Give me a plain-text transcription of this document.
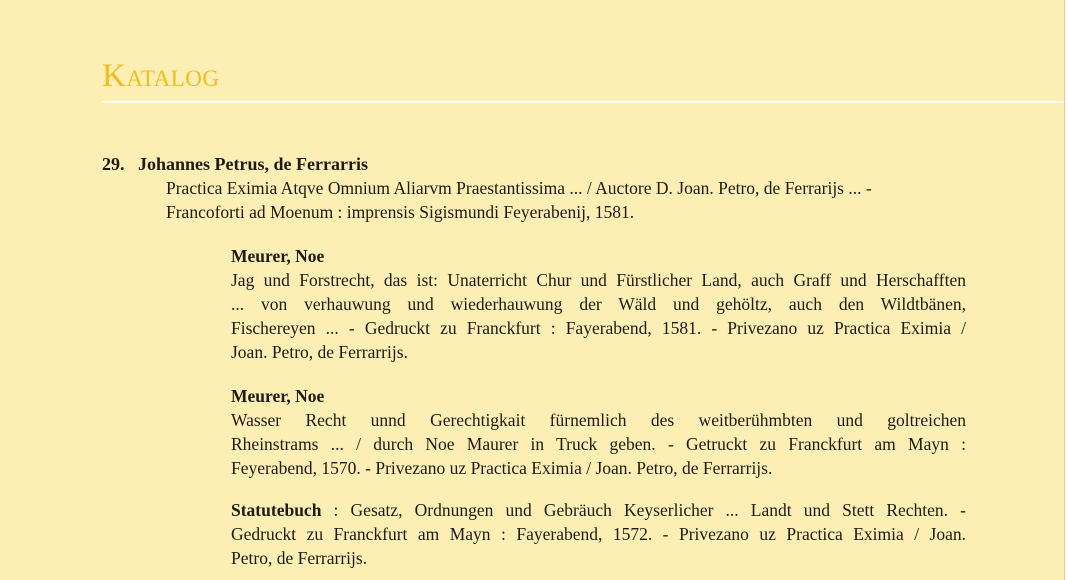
Katalog
29. Johannes Petrus, de Ferrarris
Practica Eximia Atqve Omnium Aliarvm Praestantissima ... / Auctore D. Joan. Petro, de Ferrarijs ... -
Francoforti ad Moenum : imprensis Sigismundi Feyerabenij, 1581.
Meurer, Noe
Jag und Forstrecht, das ist: Unaterricht Chur und Fürstlicher Land, auch Graff und Herschafften
... von verhauwung und wiederhauwung der Wäld und gehöltz, auch den Wildtbänen,
Fischereyen ... - Gedruckt zu Franckfurt : Fayerabend, 1581. - Privezano uz Practica Eximia /
Joan. Petro, de Ferrarrijs.
Meurer, Noe
Wasser Recht unnd Gerechtigkait fürnemlich des weitberühmbten und goltreichen
Rheinstrams ... / durch Noe Maurer in Truck geben. - Getruckt zu Franckfurt am Mayn :
Feyerabend, 1570. - Privezano uz Practica Eximia / Joan. Petro, de Ferrarrijs.
Statutebuch : Gesatz, Ordnungen und Gebräuch Keyserlicher ... Landt und Stett Rechten. -
Gedruckt zu Franckfurt am Mayn : Fayerabend, 1572. - Privezano uz Practica Eximia / Joan.
Petro, de Ferrarrijs.
